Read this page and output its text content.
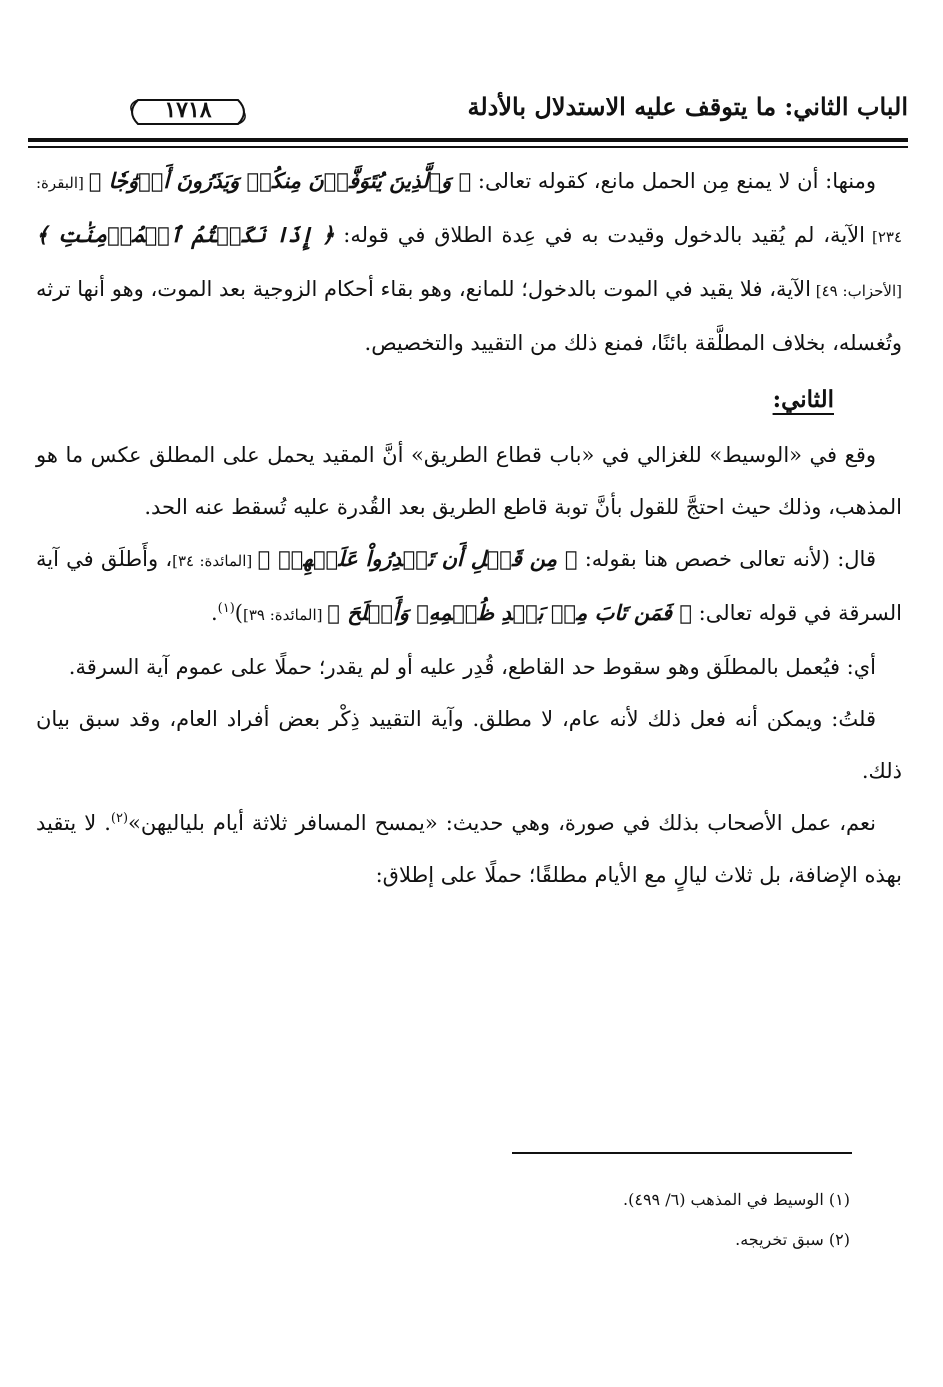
الباب الثاني: ما يتوقف عليه الاستدلال بالأدلة
١٧١٨

ومنها: أن لا يمنع مِن الحمل مانع، كقوله تعالى: ﴿ وَٱلَّذِينَ يُتَوَفَّوۡنَ مِنكُمۡ وَيَذَرُونَ أَزۡوَٰجٗا ﴾ [البقرة: ٢٣٤] الآية، لم يُقيد بالدخول وقيدت به في عِدة الطلاق في قوله: ﴿ إِذَا نَكَحۡتُمُ ٱلۡمُؤۡمِنَٰتِ ﴾ [الأحزاب: ٤٩] الآية، فلا يقيد في الموت بالدخول؛ للمانع، وهو بقاء أحكام الزوجية بعد الموت، وهو أنها ترثه وتُغسله، بخلاف المطلَّقة بائنًا، فمنع ذلك من التقييد والتخصيص.

الثاني:

وقع في «الوسيط» للغزالي في «باب قطاع الطريق» أنَّ المقيد يحمل على المطلق عكس ما هو المذهب، وذلك حيث احتجَّ للقول بأنَّ توبة قاطع الطريق بعد القُدرة عليه تُسقط عنه الحد.

قال: (لأنه تعالى خصص هنا بقوله: ﴿ مِن قَبۡلِ أَن تَقۡدِرُواْ عَلَيۡهِمۡ ﴾ [المائدة: ٣٤]، وأَطلَق في آية السرقة في قوله تعالى: ﴿ فَمَن تَابَ مِنۢ بَعۡدِ ظُلۡمِهِۦ وَأَصۡلَحَ ﴾ [المائدة: ٣٩])$^{(١)}$.

أي: فيُعمل بالمطلَق وهو سقوط حد القاطع، قُدِر عليه أو لم يقدر؛ حملًا على عموم آية السرقة.

قلتُ: ويمكن أنه فعل ذلك لأنه عام، لا مطلق. وآية التقييد ذِكْر بعض أفراد العام، وقد سبق بيان ذلك.

نعم، عمل الأصحاب بذلك في صورة، وهي حديث: «يمسح المسافر ثلاثة أيام بلياليهن»$^{(٢)}$. لا يتقيد بهذه الإضافة، بل ثلاث ليالٍ مع الأيام مطلقًا؛ حملًا على إطلاق:

(١) الوسيط في المذهب (٦/ ٤٩٩).

(٢) سبق تخريجه.
